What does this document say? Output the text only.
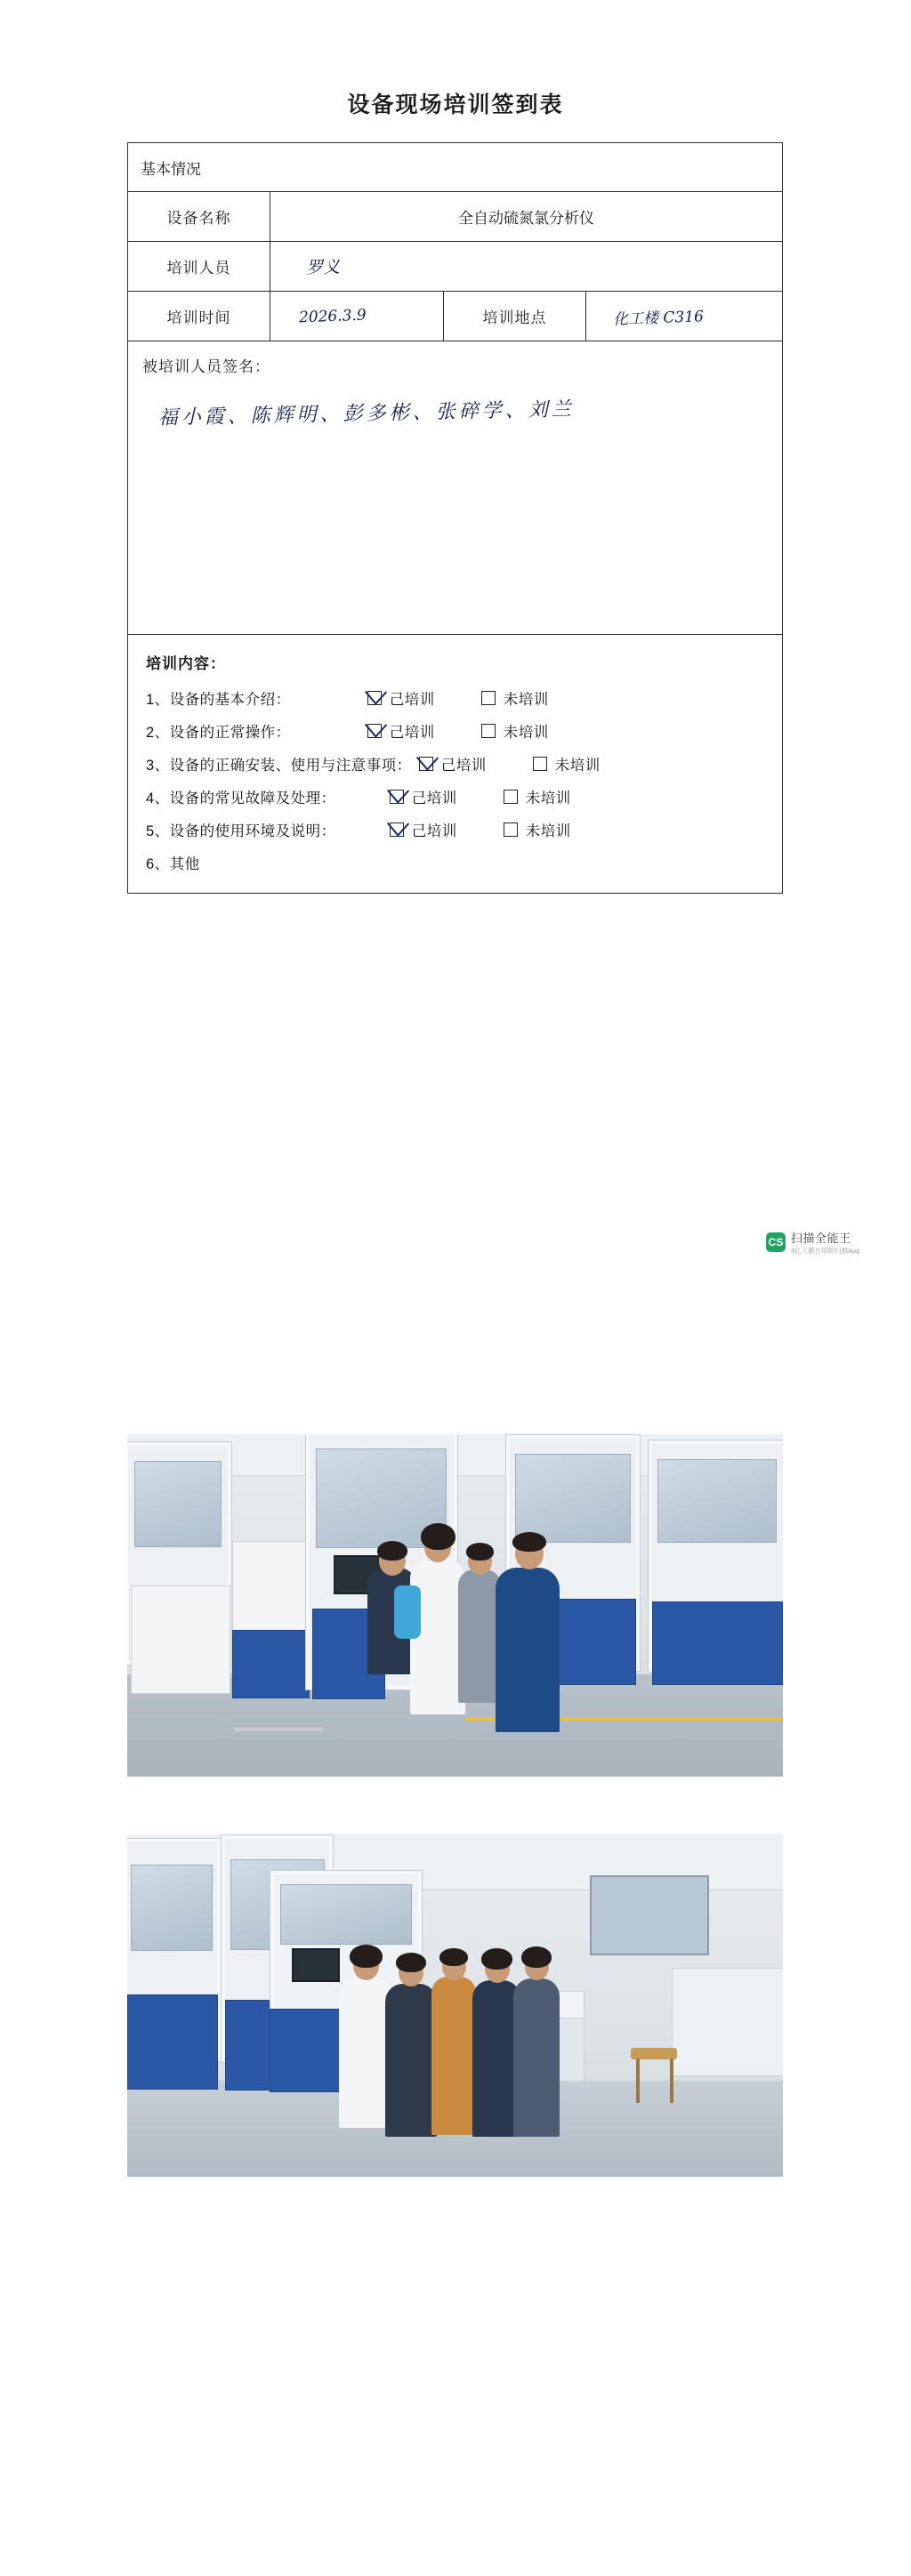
设备现场培训签到表
基本情况
设备名称	全自动硫氮氯分析仪
培训人员	罗义
培训时间	2026.3.9	培训地点	化工楼 C316
被培训人员签名：
福小霞、陈辉明、彭多彬、张碎学、刘兰
培训内容：
1、设备的基本介绍：	己培训	未培训
2、设备的正常操作：	己培训	未培训
3、设备的正确安装、使用与注意事项： 己培训	未培训
4、设备的常见故障及处理：	己培训	未培训
5、设备的使用环境及说明：	己培训	未培训
6、其他
CS 扫描全能王
3亿人都在用的扫描App
